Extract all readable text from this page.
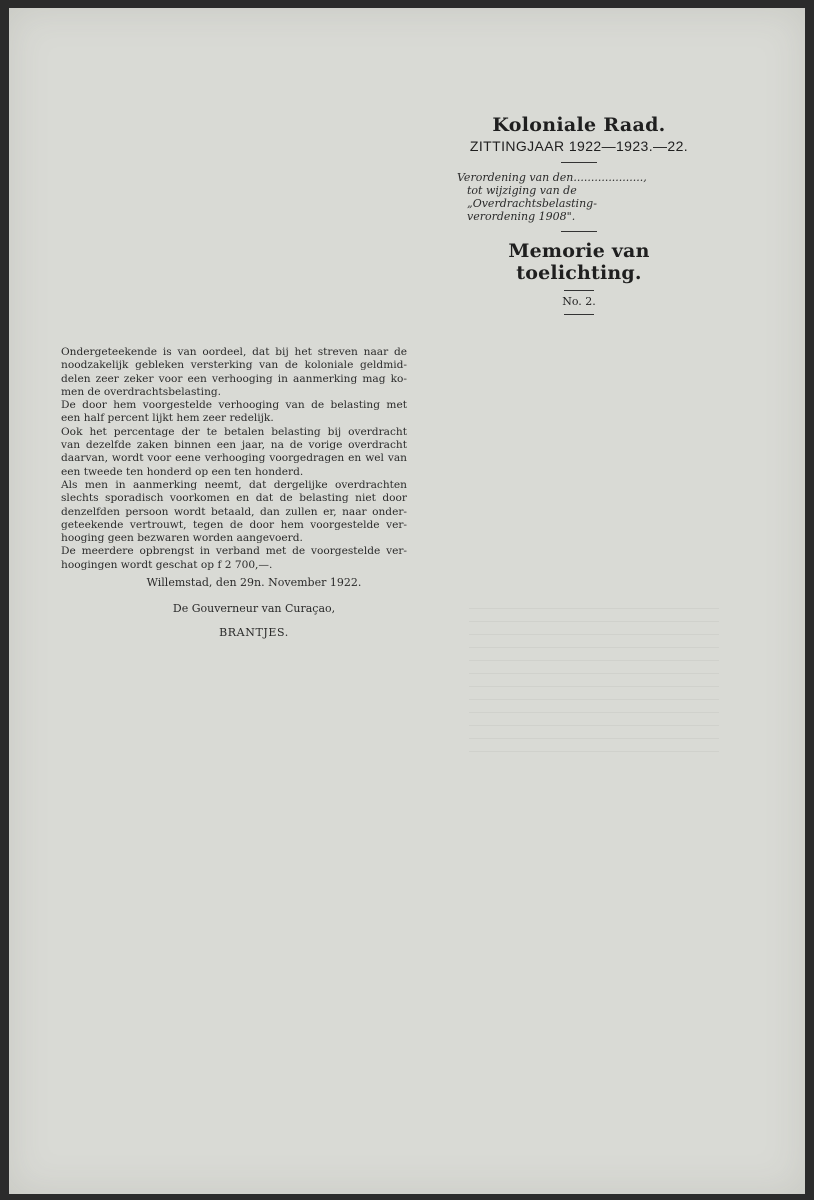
Koloniale Raad.
ZITTINGJAAR 1922—1923.—22.
Verordening van den....................,
tot wijziging van de „Overdrachtsbelasting-
verordening 1908".
Memorie van toelichting.
No. 2.
Ondergeteekende is van oordeel, dat bij het streven naar de
noodzakelijk gebleken versterking van de koloniale geldmid-
delen zeer zeker voor een verhooging in aanmerking mag ko-
men de overdrachtsbelasting.
De door hem voorgestelde verhooging van de belasting met
een half percent lijkt hem zeer redelijk.
Ook het percentage der te betalen belasting bij overdracht
van dezelfde zaken binnen een jaar, na de vorige overdracht
daarvan, wordt voor eene verhooging voorgedragen en wel van
een tweede ten honderd op een ten honderd.
Als men in aanmerking neemt, dat dergelijke overdrachten
slechts sporadisch voorkomen en dat de belasting niet door
denzelfden persoon wordt betaald, dan zullen er, naar onder-
geteekende vertrouwt, tegen de door hem voorgestelde ver-
hooging geen bezwaren worden aangevoerd.
De meerdere opbrengst in verband met de voorgestelde ver-
hoogingen wordt geschat op f 2 700,—.
Willemstad, den 29n. November 1922.
De Gouverneur van Curaçao,
BRANTJES.
